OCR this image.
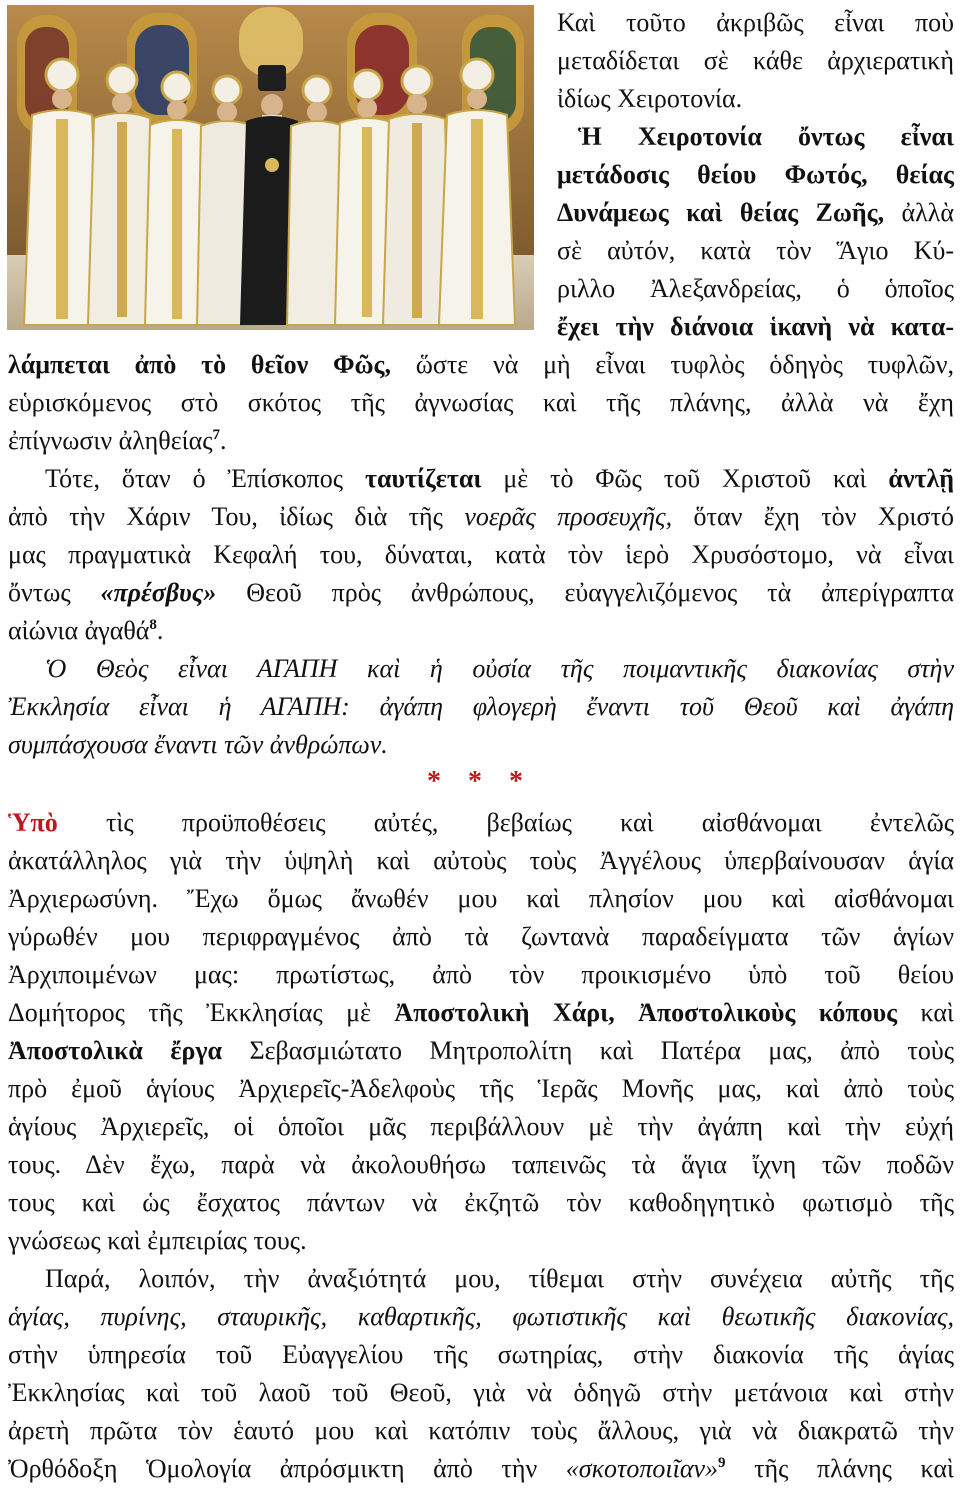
Καὶ τοῦτο ἀκριβῶς εἶναι ποὺ
μεταδίδεται σὲ κάθε ἀρχιερατικὴ
ἰδίως Χειροτονία.
Ἡ Χειροτονία ὄντως εἶναι
μετάδοσις θείου Φωτός, θείας
Δυνάμεως καὶ θείας Ζωῆς, ἀλλὰ
σὲ αὐτόν, κατὰ τὸν Ἅγιο Κύ-
ριλλο Ἀλεξανδρείας, ὁ ὁποῖος
ἔχει τὴν διάνοια ἱκανὴ νὰ κατα-
λάμπεται ἀπὸ τὸ θεῖον Φῶς, ὥστε νὰ μὴ εἶναι τυφλὸς ὁδηγὸς τυφλῶν,
εὑρισκόμενος στὸ σκότος τῆς ἀγνωσίας καὶ τῆς πλάνης, ἀλλὰ νὰ ἔχη
ἐπίγνωσιν ἀληθείας$^7$.
Τότε, ὅταν ὁ Ἐπίσκοπος ταυτίζεται μὲ τὸ Φῶς τοῦ Χριστοῦ καὶ ἀντλῇ
ἀπὸ τὴν Χάριν Του, ἰδίως διὰ τῆς νοερᾶς προσευχῆς, ὅταν ἔχη τὸν Χριστό
μας πραγματικὰ Κεφαλή του, δύναται, κατὰ τὸν ἱερὸ Χρυσόστομο, νὰ εἶναι
ὄντως «πρέσβυς» Θεοῦ πρὸς ἀνθρώπους, εὐαγγελιζόμενος τὰ ἀπερίγραπτα
αἰώνια ἀγαθά$^8$.
Ὁ Θεὸς εἶναι ΑΓΑΠΗ καὶ ἡ οὐσία τῆς ποιμαντικῆς διακονίας στὴν
Ἐκκλησία εἶναι ἡ ΑΓΑΠΗ: ἀγάπη φλογερὴ ἔναντι τοῦ Θεοῦ καὶ ἀγάπη
συμπάσχουσα ἔναντι τῶν ἀνθρώπων.
* * *
Ὑπὸ τὶς προϋποθέσεις αὐτές, βεβαίως καὶ αἰσθάνομαι ἐντελῶς
ἀκατάλληλος γιὰ τὴν ὑψηλὴ καὶ αὐτοὺς τοὺς Ἀγγέλους ὑπερβαίνουσαν ἁγία
Ἀρχιερωσύνη. Ἔχω ὅμως ἄνωθέν μου καὶ πλησίον μου καὶ αἰσθάνομαι
γύρωθέν μου περιφραγμένος ἀπὸ τὰ ζωντανὰ παραδείγματα τῶν ἁγίων
Ἀρχιποιμένων μας: πρωτίστως, ἀπὸ τὸν προικισμένο ὑπὸ τοῦ θείου
Δομήτορος τῆς Ἐκκλησίας μὲ Ἀποστολικὴ Χάρι, Ἀποστολικοὺς κόπους καὶ
Ἀποστολικὰ ἔργα Σεβασμιώτατο Μητροπολίτη καὶ Πατέρα μας, ἀπὸ τοὺς
πρὸ ἐμοῦ ἁγίους Ἀρχιερεῖς-Ἀδελφοὺς τῆς Ἱερᾶς Μονῆς μας, καὶ ἀπὸ τοὺς
ἁγίους Ἀρχιερεῖς, οἱ ὁποῖοι μᾶς περιβάλλουν μὲ τὴν ἀγάπη καὶ τὴν εὐχή
τους. Δὲν ἔχω, παρὰ νὰ ἀκολουθήσω ταπεινῶς τὰ ἅγια ἴχνη τῶν ποδῶν
τους καὶ ὡς ἔσχατος πάντων νὰ ἐκζητῶ τὸν καθοδηγητικὸ φωτισμὸ τῆς
γνώσεως καὶ ἐμπειρίας τους.
Παρά, λοιπόν, τὴν ἀναξιότητά μου, τίθεμαι στὴν συνέχεια αὐτῆς τῆς
ἁγίας, πυρίνης, σταυρικῆς, καθαρτικῆς, φωτιστικῆς καὶ θεωτικῆς διακονίας,
στὴν ὑπηρεσία τοῦ Εὐαγγελίου τῆς σωτηρίας, στὴν διακονία τῆς ἁγίας
Ἐκκλησίας καὶ τοῦ λαοῦ τοῦ Θεοῦ, γιὰ νὰ ὁδηγῶ στὴν μετάνοια καὶ στὴν
ἀρετὴ πρῶτα τὸν ἑαυτό μου καὶ κατόπιν τοὺς ἄλλους, γιὰ νὰ διακρατῶ τὴν
Ὀρθόδοξη Ὁμολογία ἀπρόσμικτη ἀπὸ τὴν «σκοτοποιῖαν»$^9$ τῆς πλάνης καὶ
